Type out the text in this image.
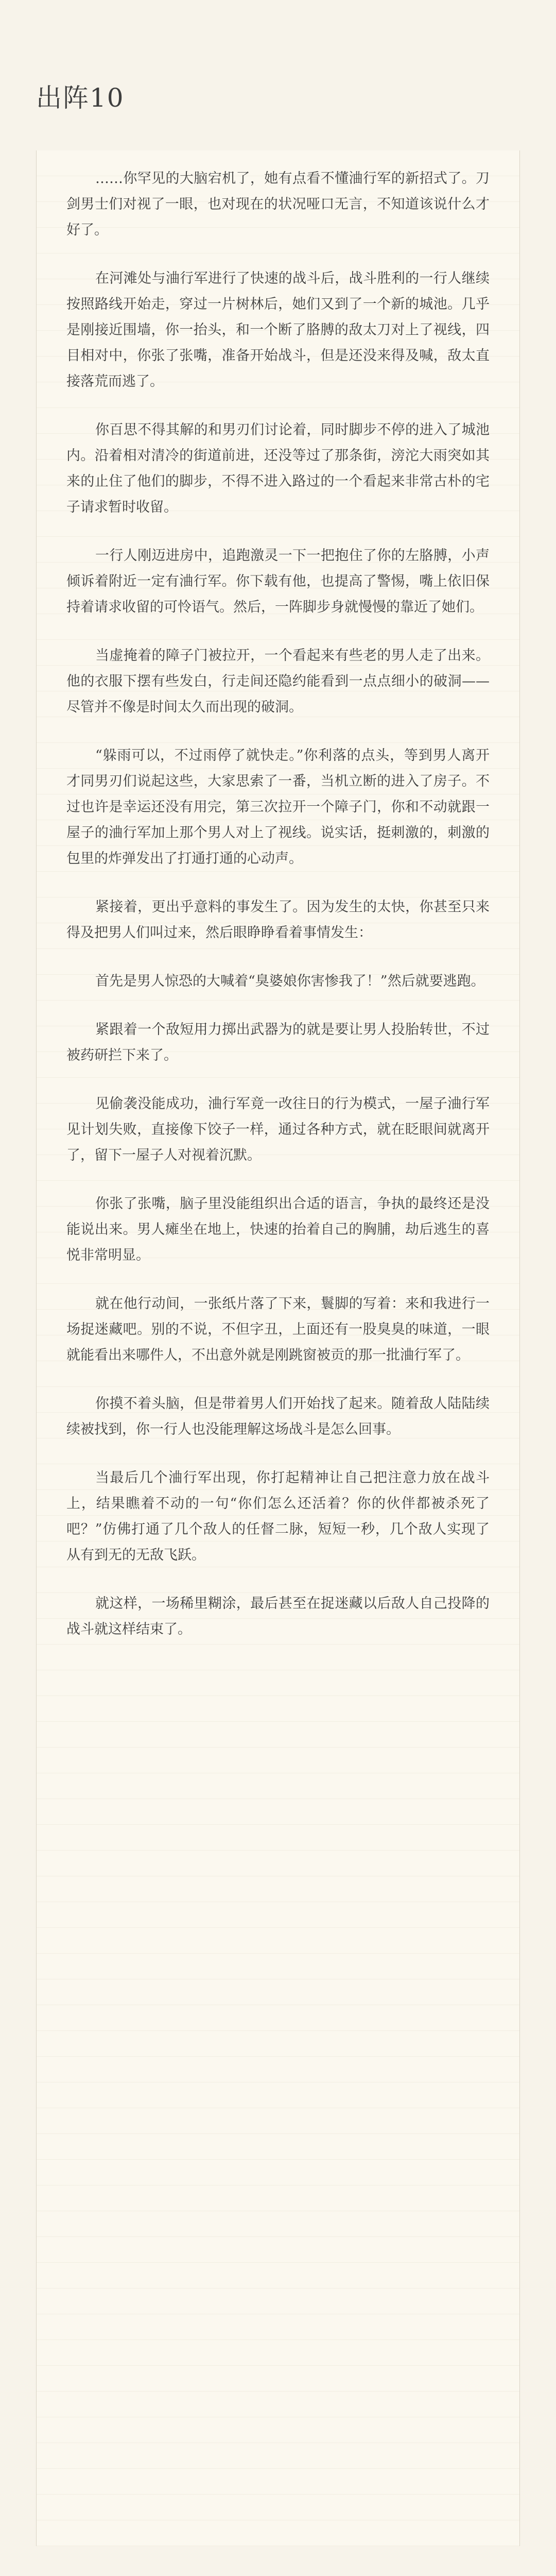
出阵10

……你罕见的大脑宕机了，她有点看不懂浀行军的新招式了。刀剑男士们对视了一眼，也对现在的状况哑口无言，不知道该说什么才好了。

在河滩处与浀行军进行了快速的战斗后，战斗胜利的一行人继续按照路线开始走，穿过一片树林后，她们又到了一个新的城池。几乎是刚接近围墙，你一抬头，和一个断了胳膊的敌太刀对上了视线，四目相对中，你张了张嘴，准备开始战斗，但是还没来得及喊，敌太直接落荒而逃了。

你百思不得其解的和男刃们讨论着，同时脚步不停的进入了城池内。沿着相对清冷的街道前进，还没等过了那条街，滂沱大雨突如其来的止住了他们的脚步，不得不进入路过的一个看起来非常古朴的宅子请求暂时收留。

一行人刚迈进房中，追跑激灵一下一把抱住了你的左胳膊，小声倾诉着附近一定有浀行军。你下载有他，也提高了警惕，嘴上依旧保持着请求收留的可怜语气。然后，一阵脚步身就慢慢的靠近了她们。

当虚掩着的障子门被拉开，一个看起来有些老的男人走了出来。他的衣服下摆有些发白，行走间还隐约能看到一点点细小的破洞——尽管并不像是时间太久而出现的破洞。

“躲雨可以，不过雨停了就快走。”你利落的点头，等到男人离开才同男刃们说起这些，大家思索了一番，当机立断的进入了房子。不过也许是幸运还没有用完，第三次拉开一个障子门，你和不动就跟一屋子的浀行军加上那个男人对上了视线。说实话，挺刺激的，刺激的包里的炸弹发出了打通打通的心动声。

紧接着，更出乎意料的事发生了。因为发生的太快，你甚至只来得及把男人们叫过来，然后眼睁睁看着事情发生：

首先是男人惊恐的大喊着“臭婆娘你害惨我了！”然后就要逃跑。

紧跟着一个敌短用力掷出武器为的就是要让男人投胎转世，不过被药研拦下来了。

见偷袭没能成功，浀行军竟一改往日的行为模式，一屋子浀行军见计划失败，直接像下饺子一样，通过各种方式，就在眨眼间就离开了，留下一屋子人对视着沉默。

你张了张嘴，脑子里没能组织出合适的语言，争执的最终还是没能说出来。男人瘫坐在地上，快速的抬着自己的胸脯，劫后逃生的喜悦非常明显。

就在他行动间，一张纸片落了下来，鬟脚的写着：来和我进行一场捉迷藏吧。别的不说，不但字丑，上面还有一股臭臭的味道，一眼就能看出来哪件人，不出意外就是刚跳窗被贡的那一批浀行军了。

你摸不着头脑，但是带着男人们开始找了起来。随着敌人陆陆续续被找到，你一行人也没能理解这场战斗是怎么回事。

当最后几个浀行军出现，你打起精神让自己把注意力放在战斗上，结果瞧着不动的一句“你们怎么还活着？你的伙伴都被杀死了吧？”仿佛打通了几个敌人的任督二脉，短短一秒，几个敌人实现了从有到无的无敌飞跃。

就这样，一场稀里糊涂，最后甚至在捉迷藏以后敌人自己投降的战斗就这样结束了。
